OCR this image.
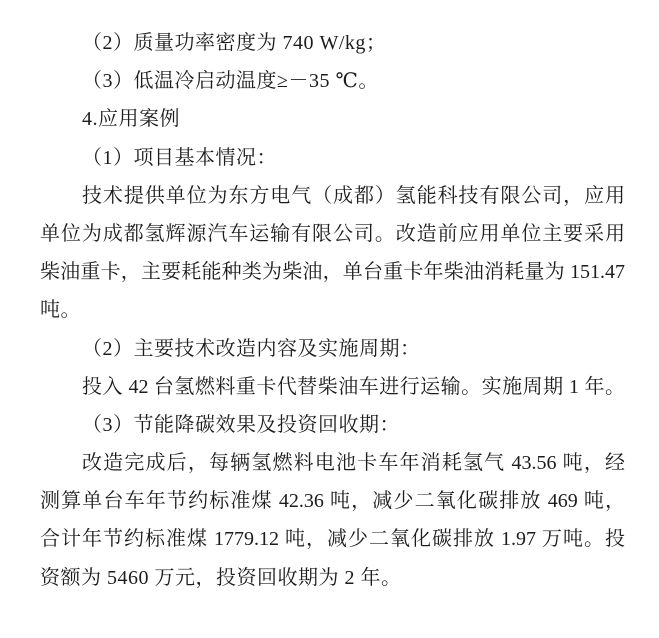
（2）质量功率密度为 740 W/kg；
（3）低温冷启动温度≥－35 ℃。
4.应用案例
（1）项目基本情况：
技术提供单位为东方电气（成都）氢能科技有限公司，应用
单位为成都氢辉源汽车运输有限公司。改造前应用单位主要采用
柴油重卡，主要耗能种类为柴油，单台重卡年柴油消耗量为 151.47
吨。
（2）主要技术改造内容及实施周期：
投入 42 台氢燃料重卡代替柴油车进行运输。实施周期 1 年。
（3）节能降碳效果及投资回收期：
改造完成后，每辆氢燃料电池卡车年消耗氢气 43.56 吨，经
测算单台车年节约标准煤 42.36 吨，减少二氧化碳排放 469 吨，
合计年节约标准煤 1779.12 吨，减少二氧化碳排放 1.97 万吨。投
资额为 5460 万元，投资回收期为 2 年。
